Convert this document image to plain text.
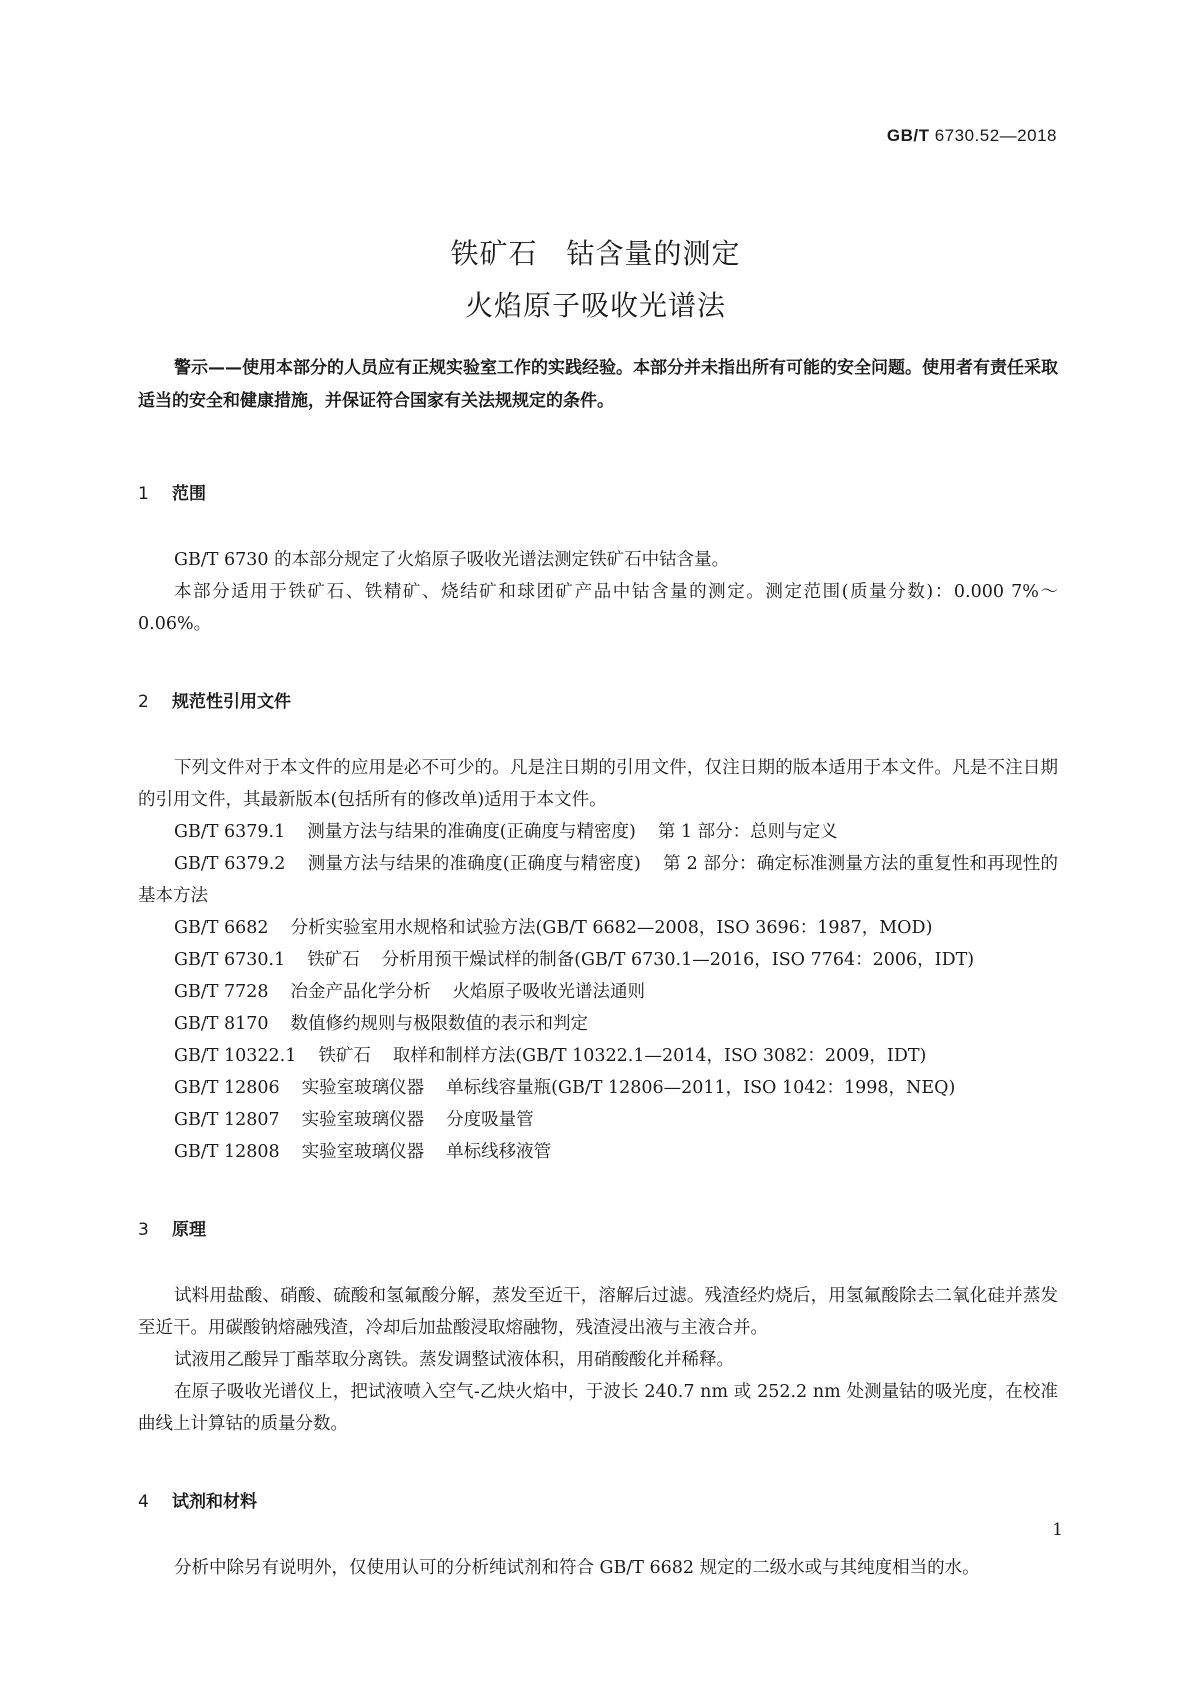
GB/T 6730.52—2018

铁矿石　钴含量的测定

火焰原子吸收光谱法

警示——使用本部分的人员应有正规实验室工作的实践经验。本部分并未指出所有可能的安全问题。使用者有责任采取适当的安全和健康措施，并保证符合国家有关法规规定的条件。

1 范围

GB/T 6730 的本部分规定了火焰原子吸收光谱法测定铁矿石中钴含量。

本部分适用于铁矿石、铁精矿、烧结矿和球团矿产品中钴含量的测定。测定范围(质量分数)：0.000 7%～0.06%。

2 规范性引用文件

下列文件对于本文件的应用是必不可少的。凡是注日期的引用文件，仅注日期的版本适用于本文件。凡是不注日期的引用文件，其最新版本(包括所有的修改单)适用于本文件。

GB/T 6379.1 测量方法与结果的准确度(正确度与精密度) 第 1 部分：总则与定义

GB/T 6379.2 测量方法与结果的准确度(正确度与精密度) 第 2 部分：确定标准测量方法的重复性和再现性的基本方法

GB/T 6682 分析实验室用水规格和试验方法(GB/T 6682—2008，ISO 3696：1987，MOD)

GB/T 6730.1 铁矿石 分析用预干燥试样的制备(GB/T 6730.1—2016，ISO 7764：2006，IDT)

GB/T 7728 冶金产品化学分析 火焰原子吸收光谱法通则

GB/T 8170 数值修约规则与极限数值的表示和判定

GB/T 10322.1 铁矿石 取样和制样方法(GB/T 10322.1—2014，ISO 3082：2009，IDT)

GB/T 12806 实验室玻璃仪器 单标线容量瓶(GB/T 12806—2011，ISO 1042：1998，NEQ)

GB/T 12807 实验室玻璃仪器 分度吸量管

GB/T 12808 实验室玻璃仪器 单标线移液管

3 原理

试料用盐酸、硝酸、硫酸和氢氟酸分解，蒸发至近干，溶解后过滤。残渣经灼烧后，用氢氟酸除去二氧化硅并蒸发至近干。用碳酸钠熔融残渣，冷却后加盐酸浸取熔融物，残渣浸出液与主液合并。

试液用乙酸异丁酯萃取分离铁。蒸发调整试液体积，用硝酸酸化并稀释。

在原子吸收光谱仪上，把试液喷入空气-乙炔火焰中，于波长 240.7 nm 或 252.2 nm 处测量钴的吸光度，在校准曲线上计算钴的质量分数。

4 试剂和材料

分析中除另有说明外，仅使用认可的分析纯试剂和符合 GB/T 6682 规定的二级水或与其纯度相当的水。

1
